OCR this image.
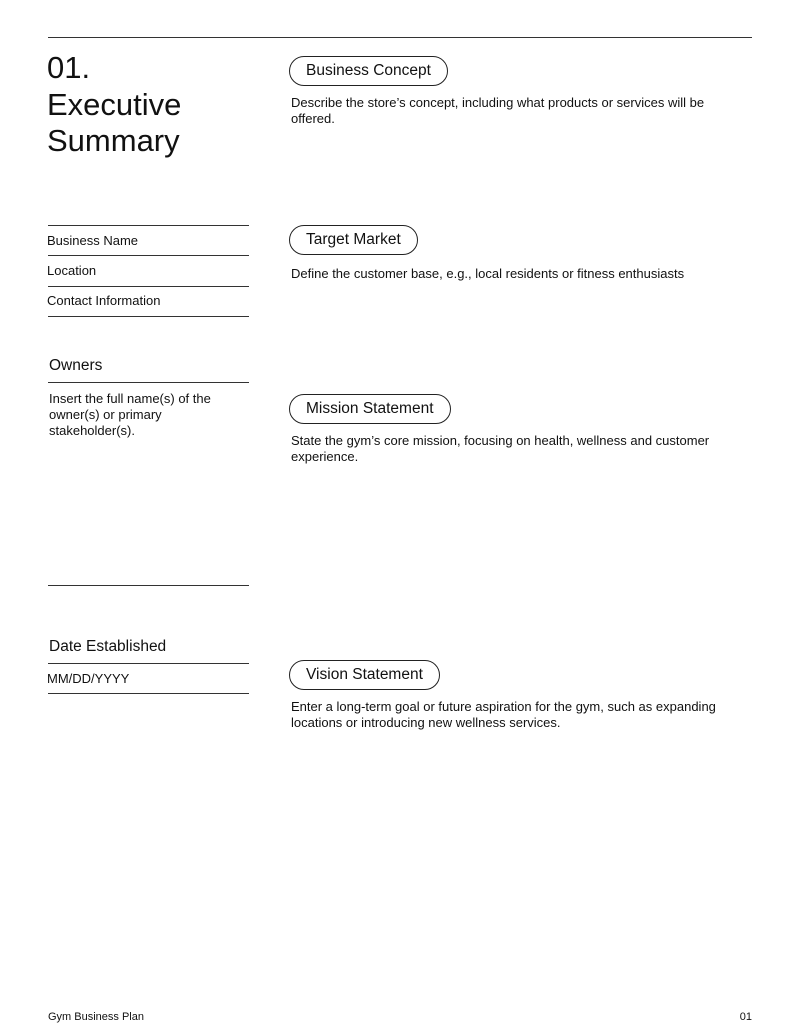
01.
Executive
Summary
Business Name
Location
Contact Information
Owners
Insert the full name(s) of the owner(s) or primary stakeholder(s).
Date Established
MM/DD/YYYY
Business Concept
Describe the store’s concept, including what products or services will be offered.
Target Market
Define the customer base, e.g., local residents or fitness enthusiasts
Mission Statement
State the gym’s core mission, focusing on health, wellness and customer experience.
Vision Statement
Enter a long-term goal or future aspiration for the gym, such as expanding locations or introducing new wellness services.
Gym Business Plan	01
